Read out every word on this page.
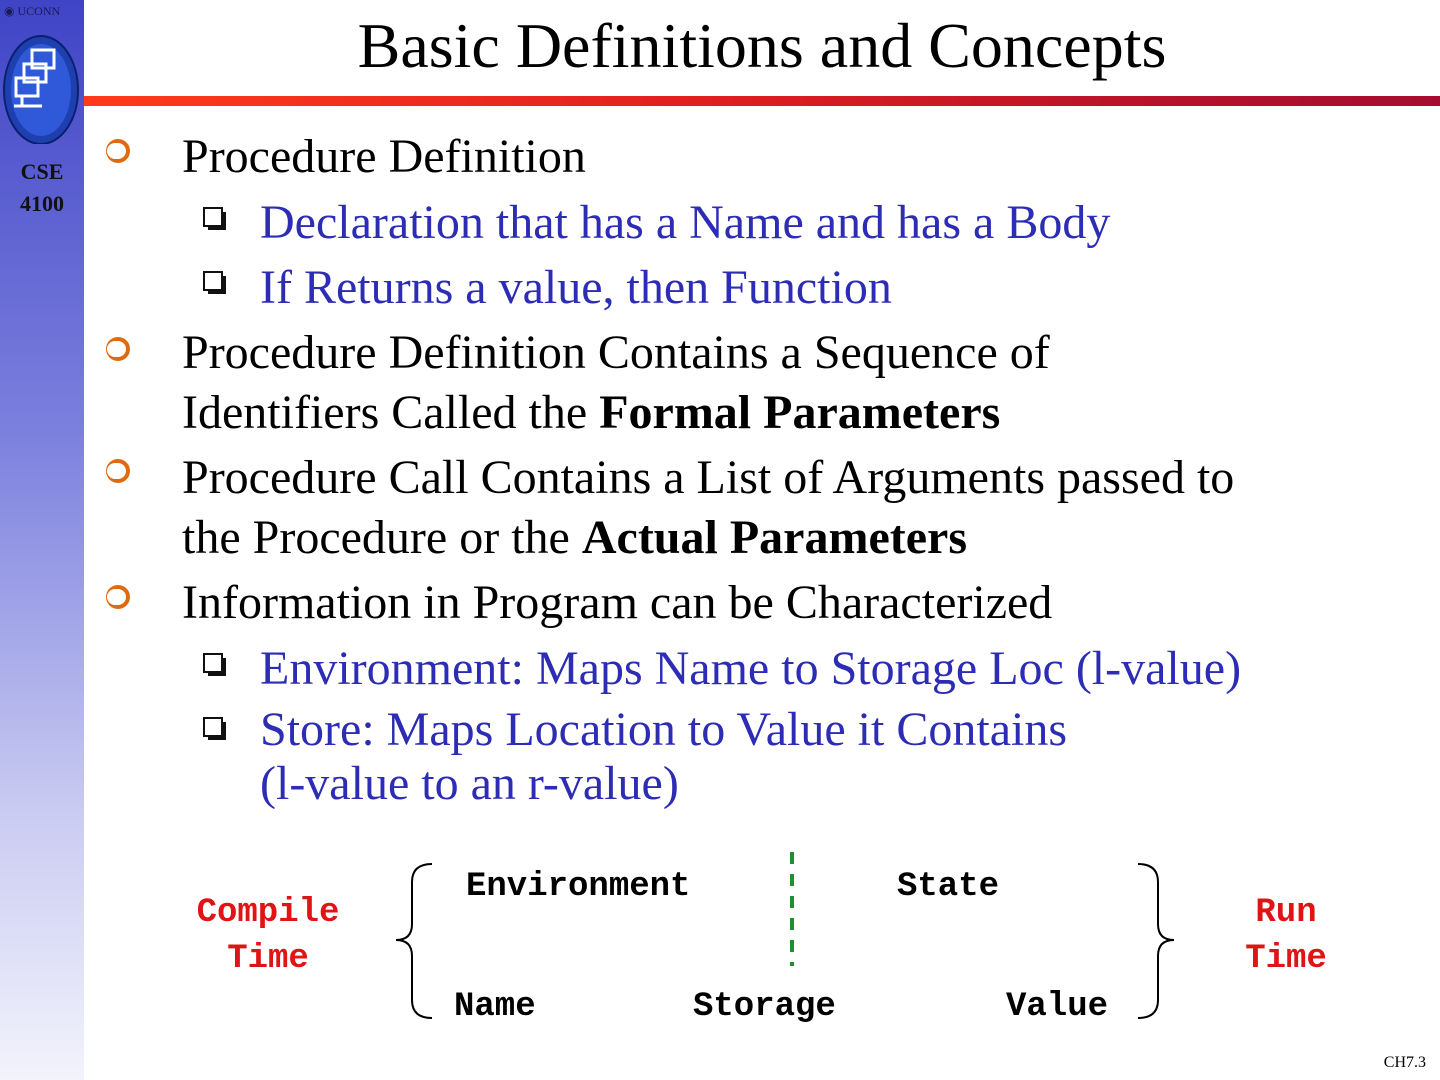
◉ UCONN
CSE
4100
Basic Definitions and Concepts
Procedure Definition
Declaration that has a Name and has a Body
If Returns a value, then Function
Procedure Definition Contains a Sequence of
Identifiers Called the Formal Parameters
Procedure Call Contains a List of Arguments passed to
the Procedure or the Actual Parameters
Information in Program can be Characterized
Environment: Maps Name to Storage Loc (l-value)
Store: Maps Location to Value it Contains
(l-value to an r-value)
Compile
Time
Environment	State
Name	Storage	Value
Run
Time
CH7.3
